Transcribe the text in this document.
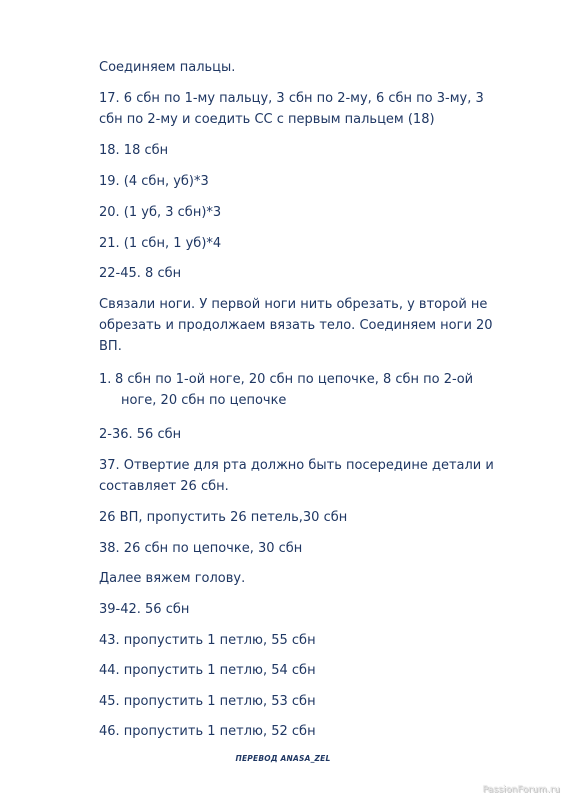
Соединяем пальцы.

17. 6 сбн по 1-му пальцу, 3 сбн по 2-му, 6 сбн по 3-му, 3
сбн по 2-му и соедить СС с первым пальцем (18)

18. 18 сбн

19. (4 сбн, уб)*3

20. (1 уб, 3 сбн)*3

21. (1 сбн, 1 уб)*4

22-45. 8 сбн

Связали ноги. У первой ноги нить обрезать, у второй не
обрезать и продолжаем вязать тело. Соединяем ноги 20
ВП.

1. 8 сбн по 1-ой ноге, 20 сбн по цепочке, 8 сбн по 2-ой
ноге, 20 сбн по цепочке

2-36. 56 сбн

37. Отвертие для рта должно быть посередине детали и
составляет 26 сбн.

26 ВП, пропустить 26 петель,30 сбн

38. 26 сбн по цепочке, 30 сбн

Далее вяжем голову.

39-42. 56 сбн

43. пропустить 1 петлю, 55 сбн

44. пропустить 1 петлю, 54 сбн

45. пропустить 1 петлю, 53 сбн

46. пропустить 1 петлю, 52 сбн

ПЕРЕВОД ANASA_ZEL
PassionForum.ru
